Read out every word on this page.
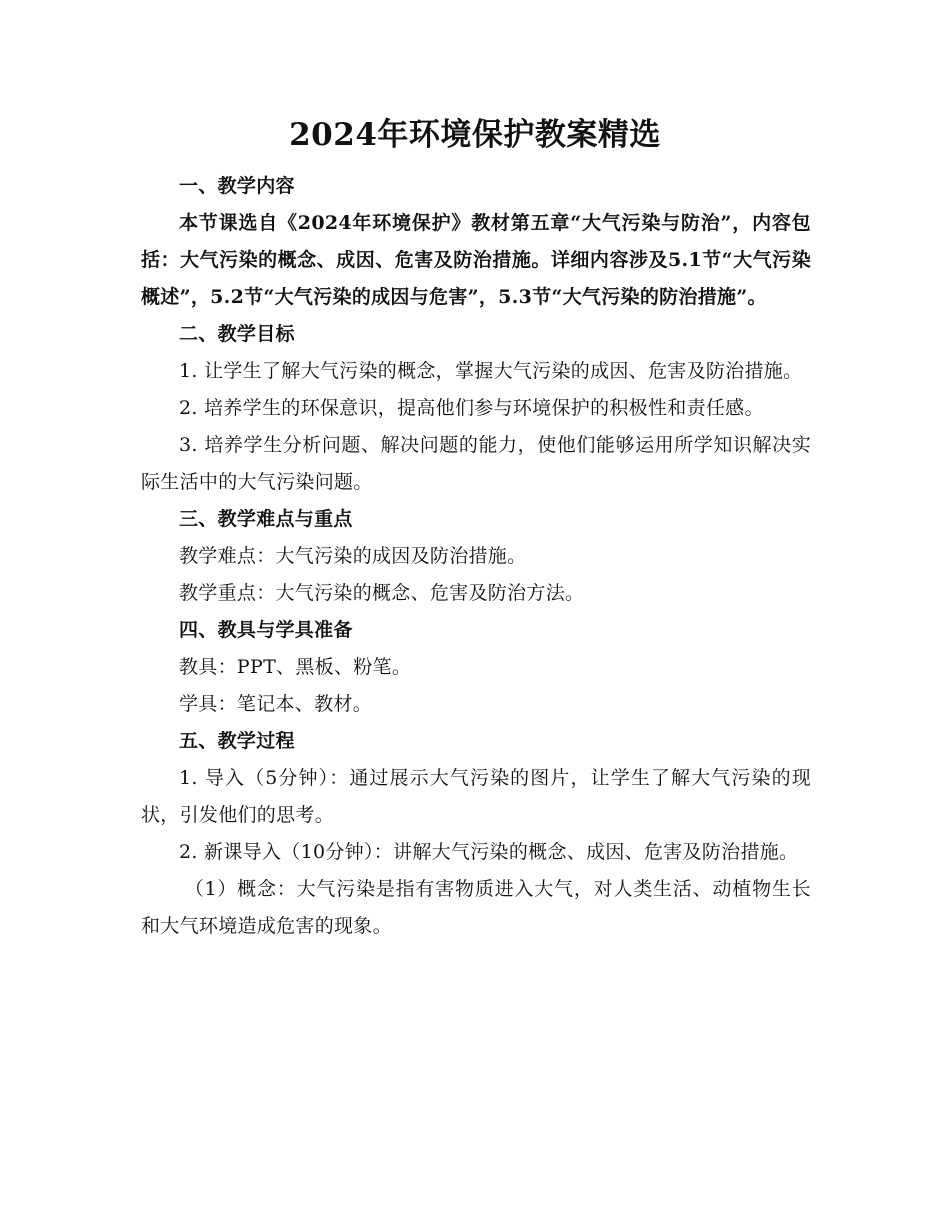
2024年环境保护教案精选

一、教学内容

本节课选自《2024年环境保护》教材第五章“大气污染与防治”，内容包括：大气污染的概念、成因、危害及防治措施。详细内容涉及5.1节“大气污染概述”，5.2节“大气污染的成因与危害”，5.3节“大气污染的防治措施”。

二、教学目标

1. 让学生了解大气污染的概念，掌握大气污染的成因、危害及防治措施。

2. 培养学生的环保意识，提高他们参与环境保护的积极性和责任感。

3. 培养学生分析问题、解决问题的能力，使他们能够运用所学知识解决实际生活中的大气污染问题。

三、教学难点与重点

教学难点：大气污染的成因及防治措施。

教学重点：大气污染的概念、危害及防治方法。

四、教具与学具准备

教具：PPT、黑板、粉笔。

学具：笔记本、教材。

五、教学过程

1. 导入（5分钟）：通过展示大气污染的图片，让学生了解大气污染的现状，引发他们的思考。

2. 新课导入（10分钟）：讲解大气污染的概念、成因、危害及防治措施。

（1）概念：大气污染是指有害物质进入大气，对人类生活、动植物生长和大气环境造成危害的现象。
